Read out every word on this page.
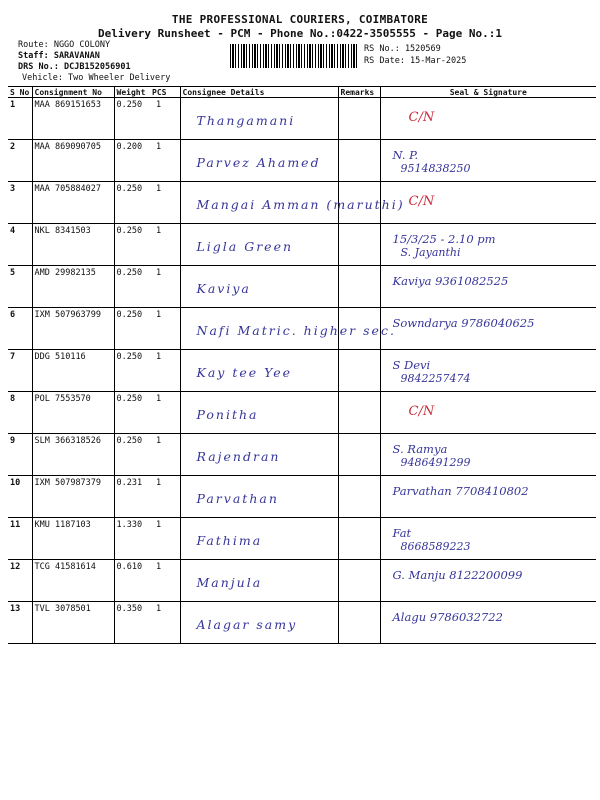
THE PROFESSIONAL COURIERS, COIMBATORE
Delivery Runsheet - PCM - Phone No.:0422-3505555 - Page No.:1
Route: NGGO COLONY
Staff: SARAVANAN
DRS No.: DCJB152056901
Vehicle: Two Wheeler Delivery
RS No.: 1520569
RS Date: 15-Mar-2025
S No	Consignment No	Weight	PCS	Consignee Details	Remarks	Seal & Signature
1	MAA 869151653	0.250	1	Thangamani		C/N

2	MAA 869090705	0.200	1	Parvez Ahamed		N. P.
9514838250

3	MAA 705884027	0.250	1	Mangai Amman (maruthi)		C/N

4	NKL 8341503	0.250	1	Ligla Green		15/3/25 - 2.10 pm
S. Jayanthi

5	AMD 29982135	0.250	1	Kaviya		Kaviya 9361082525

6	IXM 507963799	0.250	1	Nafi Matric. higher sec.		Sowndarya 9786040625

7	DDG 510116	0.250	1	Kay tee Yee		S Devi
9842257474

8	POL 7553570	0.250	1	Ponitha		C/N

9	SLM 366318526	0.250	1	Rajendran		S. Ramya
9486491299

10	IXM 507987379	0.231	1	Parvathan		Parvathan 7708410802

11	KMU 1187103	1.330	1	Fathima		Fat
8668589223

12	TCG 41581614	0.610	1	Manjula		G. Manju 8122200099

13	TVL 3078501	0.350	1	Alagar samy		Alagu 9786032722
